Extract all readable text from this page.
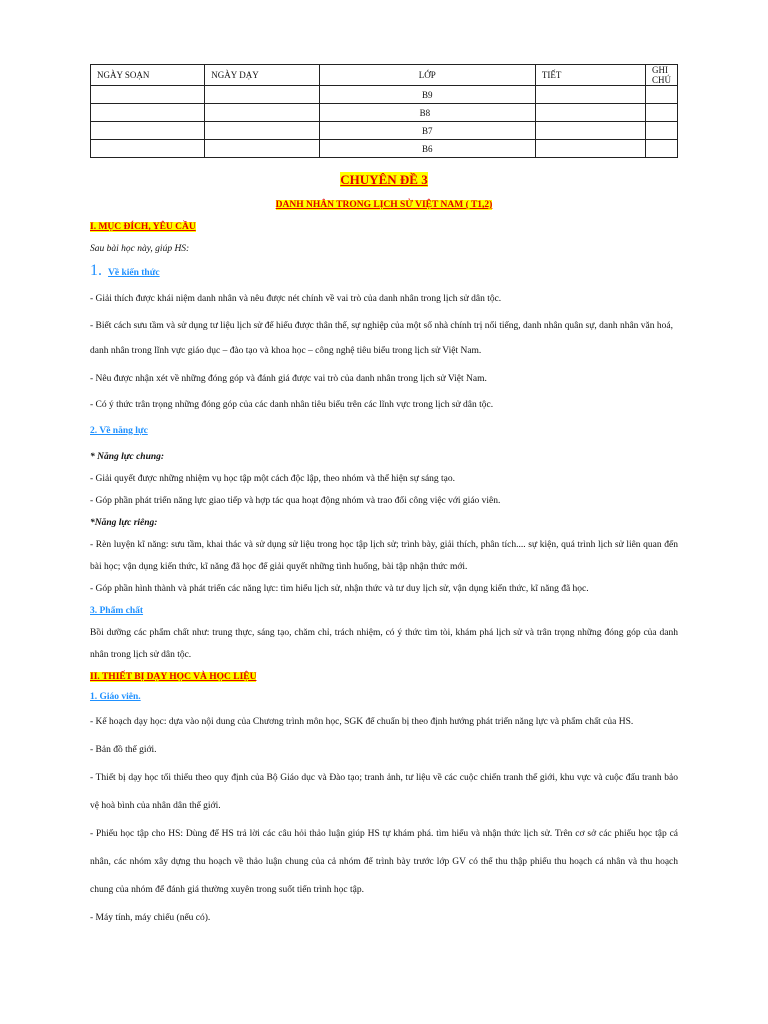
NGÀY SOẠN	NGÀY DẠY	LỚP	TIẾT	GHI CHÚ
		B9		
		B8		
		B7		
		B6		
CHUYÊN ĐỀ 3
DANH NHÂN TRONG LỊCH SỬ VIỆT NAM ( T1,2)
I. MỤC ĐÍCH, YÊU CẦU

Sau bài học này, giúp HS:

1. Về kiến thức

- Giải thích được khái niệm danh nhân và nêu được nét chính về vai trò của danh nhân trong lịch sử dân tộc.

- Biết cách sưu tầm và sử dụng tư liệu lịch sử để hiểu được thân thế, sự nghiệp của một số nhà chính trị nổi tiếng, danh nhân quân sự, danh nhân văn hoá, danh nhân trong lĩnh vực giáo dục – đào tạo và khoa học – công nghệ tiêu biểu trong lịch sử Việt Nam.

- Nêu được nhận xét về những đóng góp và đánh giá được vai trò của danh nhân trong lịch sử Việt Nam.

- Có ý thức trân trọng những đóng góp của các danh nhân tiêu biểu trên các lĩnh vực trong lịch sử dân tộc.

2. Về năng lực

* Năng lực chung:

- Giải quyết được những nhiệm vụ học tập một cách độc lập, theo nhóm và thể hiện sự sáng tạo.

- Góp phần phát triển năng lực giao tiếp và hợp tác qua hoạt động nhóm và trao đổi công việc với giáo viên.

*Năng lực riêng:

- Rèn luyện kĩ năng: sưu tầm, khai thác và sử dụng sử liệu trong học tập lịch sử; trình bày, giải thích, phân tích.... sự kiện, quá trình lịch sử liên quan đến bài học; vận dụng kiến thức, kĩ năng đã học để giải quyết những tình huống, bài tập nhận thức mới.

- Góp phần hình thành và phát triển các năng lực: tìm hiểu lịch sử, nhận thức và tư duy lịch sử, vận dụng kiến thức, kĩ năng đã học.

3. Phẩm chất

Bồi dưỡng các phẩm chất như: trung thực, sáng tạo, chăm chỉ, trách nhiệm, có ý thức tìm tòi, khám phá lịch sử và trân trọng những đóng góp của danh nhân trong lịch sử dân tộc.

II. THIẾT BỊ DẠY HỌC VÀ HỌC LIỆU

1. Giáo viên.

- Kế hoạch dạy học: dựa vào nội dung của Chương trình môn học, SGK để chuẩn bị theo định hướng phát triển năng lực và phẩm chất của HS.

- Bản đồ thế giới.

- Thiết bị dạy học tối thiểu theo quy định của Bộ Giáo dục và Đào tạo; tranh ảnh, tư liệu về các cuộc chiến tranh thế giới, khu vực và cuộc đấu tranh bảo vệ hoà bình của nhân dân thế giới.

- Phiếu học tập cho HS: Dùng để HS trả lời các câu hỏi thảo luận giúp HS tự khám phá. tìm hiểu và nhận thức lịch sử. Trên cơ sở các phiếu học tập cá nhân, các nhóm xây dựng thu hoạch về thảo luận chung của cả nhóm để trình bày trước lớp GV có thể thu thập phiếu thu hoạch cá nhân và thu hoạch chung của nhóm để đánh giá thường xuyên trong suốt tiến trình học tập.

- Máy tính, máy chiếu (nếu có).
